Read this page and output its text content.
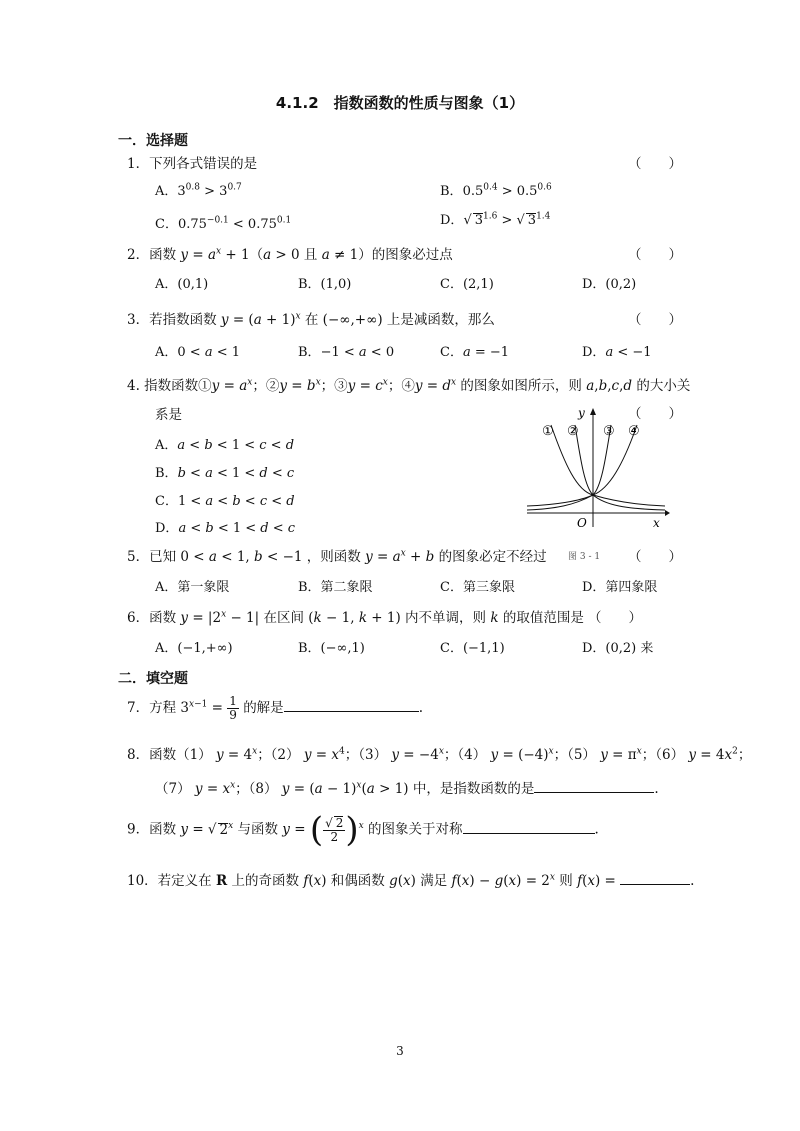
4.1.2　指数函数的性质与图象（1）
一．选择题
1．下列各式错误的是	（　　）
A．$3^{0.8} > 3^{0.7}$	B．$0.5^{0.4} > 0.5^{0.6}$
C．$0.75^{-0.1} < 0.75^{0.1}$	D．√ $3^{1.6}$ > √ $3^{1.4}$
2．函数 $y = a^x + 1(a > 0$ 且 a ≠ 1）的图象必过点	（　　）
A．(0,1)	B．(1,0)	C．(2,1)	D．(0,2)
3．若指数函数 $y = (a + 1)^x$ 在 (−∞,+∞) 上是减函数，那么	（　　）
A．0 < a < 1	B．−1 < a < 0	C．a = −1	D．a < −1
4. 指数函数①y = $a^x$；②y = $b^x$；③y = $c^x$；④y = $d^x$ 的图象如图所示，则 a,b,c,d 的大小关
系是	（　　）
A．a < b < 1 < c < d
B．b < a < 1 < d < c
C．1 < a < b < c < d
D．a < b < 1 < d < c
① ② ③ ④
y
x
O
5．已知 0 < a < 1, b < −1 ，则函数 $y = a^x + b$ 的图象必定不经过 图 3 - 1 （　　）
A．第一象限	B．第二象限	C．第三象限	D．第四象限
6．函数 $y = |2^x - 1|$ 在区间 (k − 1, k + 1) 内不单调，则 k 的取值范围是 （　　）
A．(−1,+∞)	B．(−∞,1)	C．(−1,1)	D．(0,2) 来
二．填空题
7．方程 $3^{x-1} = \frac{1}{9}$ 的解是	.
8．函数（1） $y = 4^x$；（2） $y = x^4$；（3） $y = -4^x$；（4） $y = (-4)^x$；（5） $y = \pi^x$；（6） $y = 4x^2$；
（7） $y = x^x$；（8） $y = (a - 1)^x(a > 1)$ 中，是指数函数的是	.
9．函数 y = √ 2$^x$ 与函数 y = ( $\frac{√ 2}{2} )^x$ 的图象关于对称	.
10．若定义在 R 上的奇函数 f(x) 和偶函数 g(x) 满足 $f(x) - g(x) = 2^x$ 则 f(x) =	.
3
